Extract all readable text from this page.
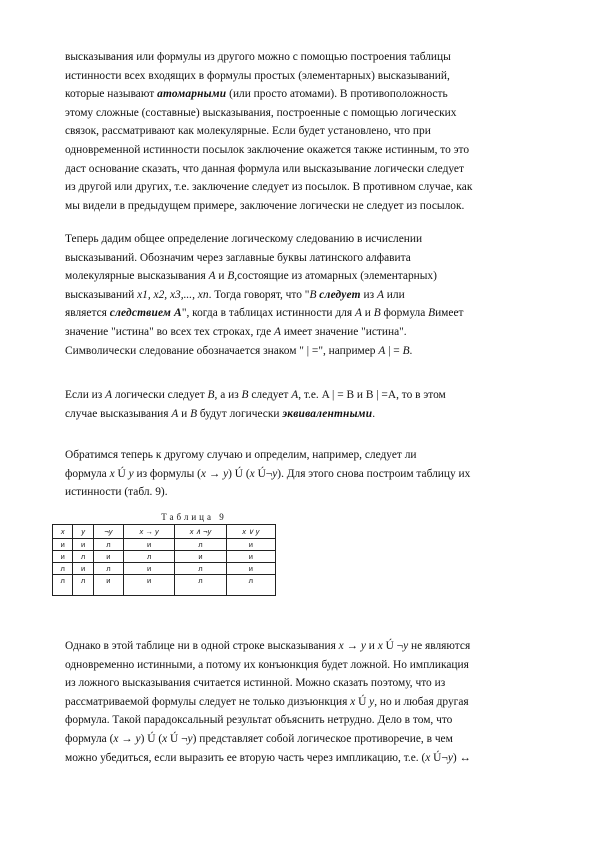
высказывания или формулы из другого можно с помощью построения таблицы
истинности всех входящих в формулы простых (элементарных) высказываний,
которые называют атомарными (или просто атомами). В противоположность
этому сложные (составные) высказывания, построенные с помощью логических
связок, рассматривают как молекулярные. Если будет установлено, что при
одновременной истинности посылок заключение окажется также истинным, то это
даст основание сказать, что данная формула или высказывание логически следует
из другой или других, т.е. заключение следует из посылок. В противном случае, как
мы видели в предыдущем примере, заключение логически не следует из посылок.
Теперь дадим общее определение логическому следованию в исчислении
высказываний. Обозначим через заглавные буквы латинского алфавита
молекулярные высказывания A и B,состоящие из атомарных (элементарных)
высказываний x1, x2, x3,..., xn. Тогда говорят, что "B следует из A или
является следствием A", когда в таблицах истинности для A и B формула Bимеет
значение "истина" во всех тех строках, где A имеет значение "истина".
Символически следование обозначается знаком " | =", например A | = B.
Если из A логически следует B, а из B следует A, т.е. A | = B и B | =A, то в этом
случае высказывания A и B будут логически эквивалентными.
Обратимся теперь к другому случаю и определим, например, следует ли
формула x Ú y из формулы (x → y) Ú (x Ú¬y). Для этого снова построим таблицу их
истинности (табл. 9).
Таблица 9
x	y	¬y	x → y	x ∧ ¬y	x ∨ y
и	и	л	и	л	и
и	л	и	л	и	и
л	и	л	и	л	и
л	л	и	и	л	л
Однако в этой таблице ни в одной строке высказывания x → y и x Ú ¬y не являются
одновременно истинными, а потому их конъюнкция будет ложной. Но импликация
из ложного высказывания считается истинной. Можно сказать поэтому, что из
рассматриваемой формулы следует не только дизъюнкция x Ú y, но и любая другая
формула. Такой парадоксальный результат объяснить нетрудно. Дело в том, что
формула (x → y) Ú (x Ú ¬y) представляет собой логическое противоречие, в чем
можно убедиться, если выразить ее вторую часть через импликацию, т.е. (x Ú¬y) ↔
